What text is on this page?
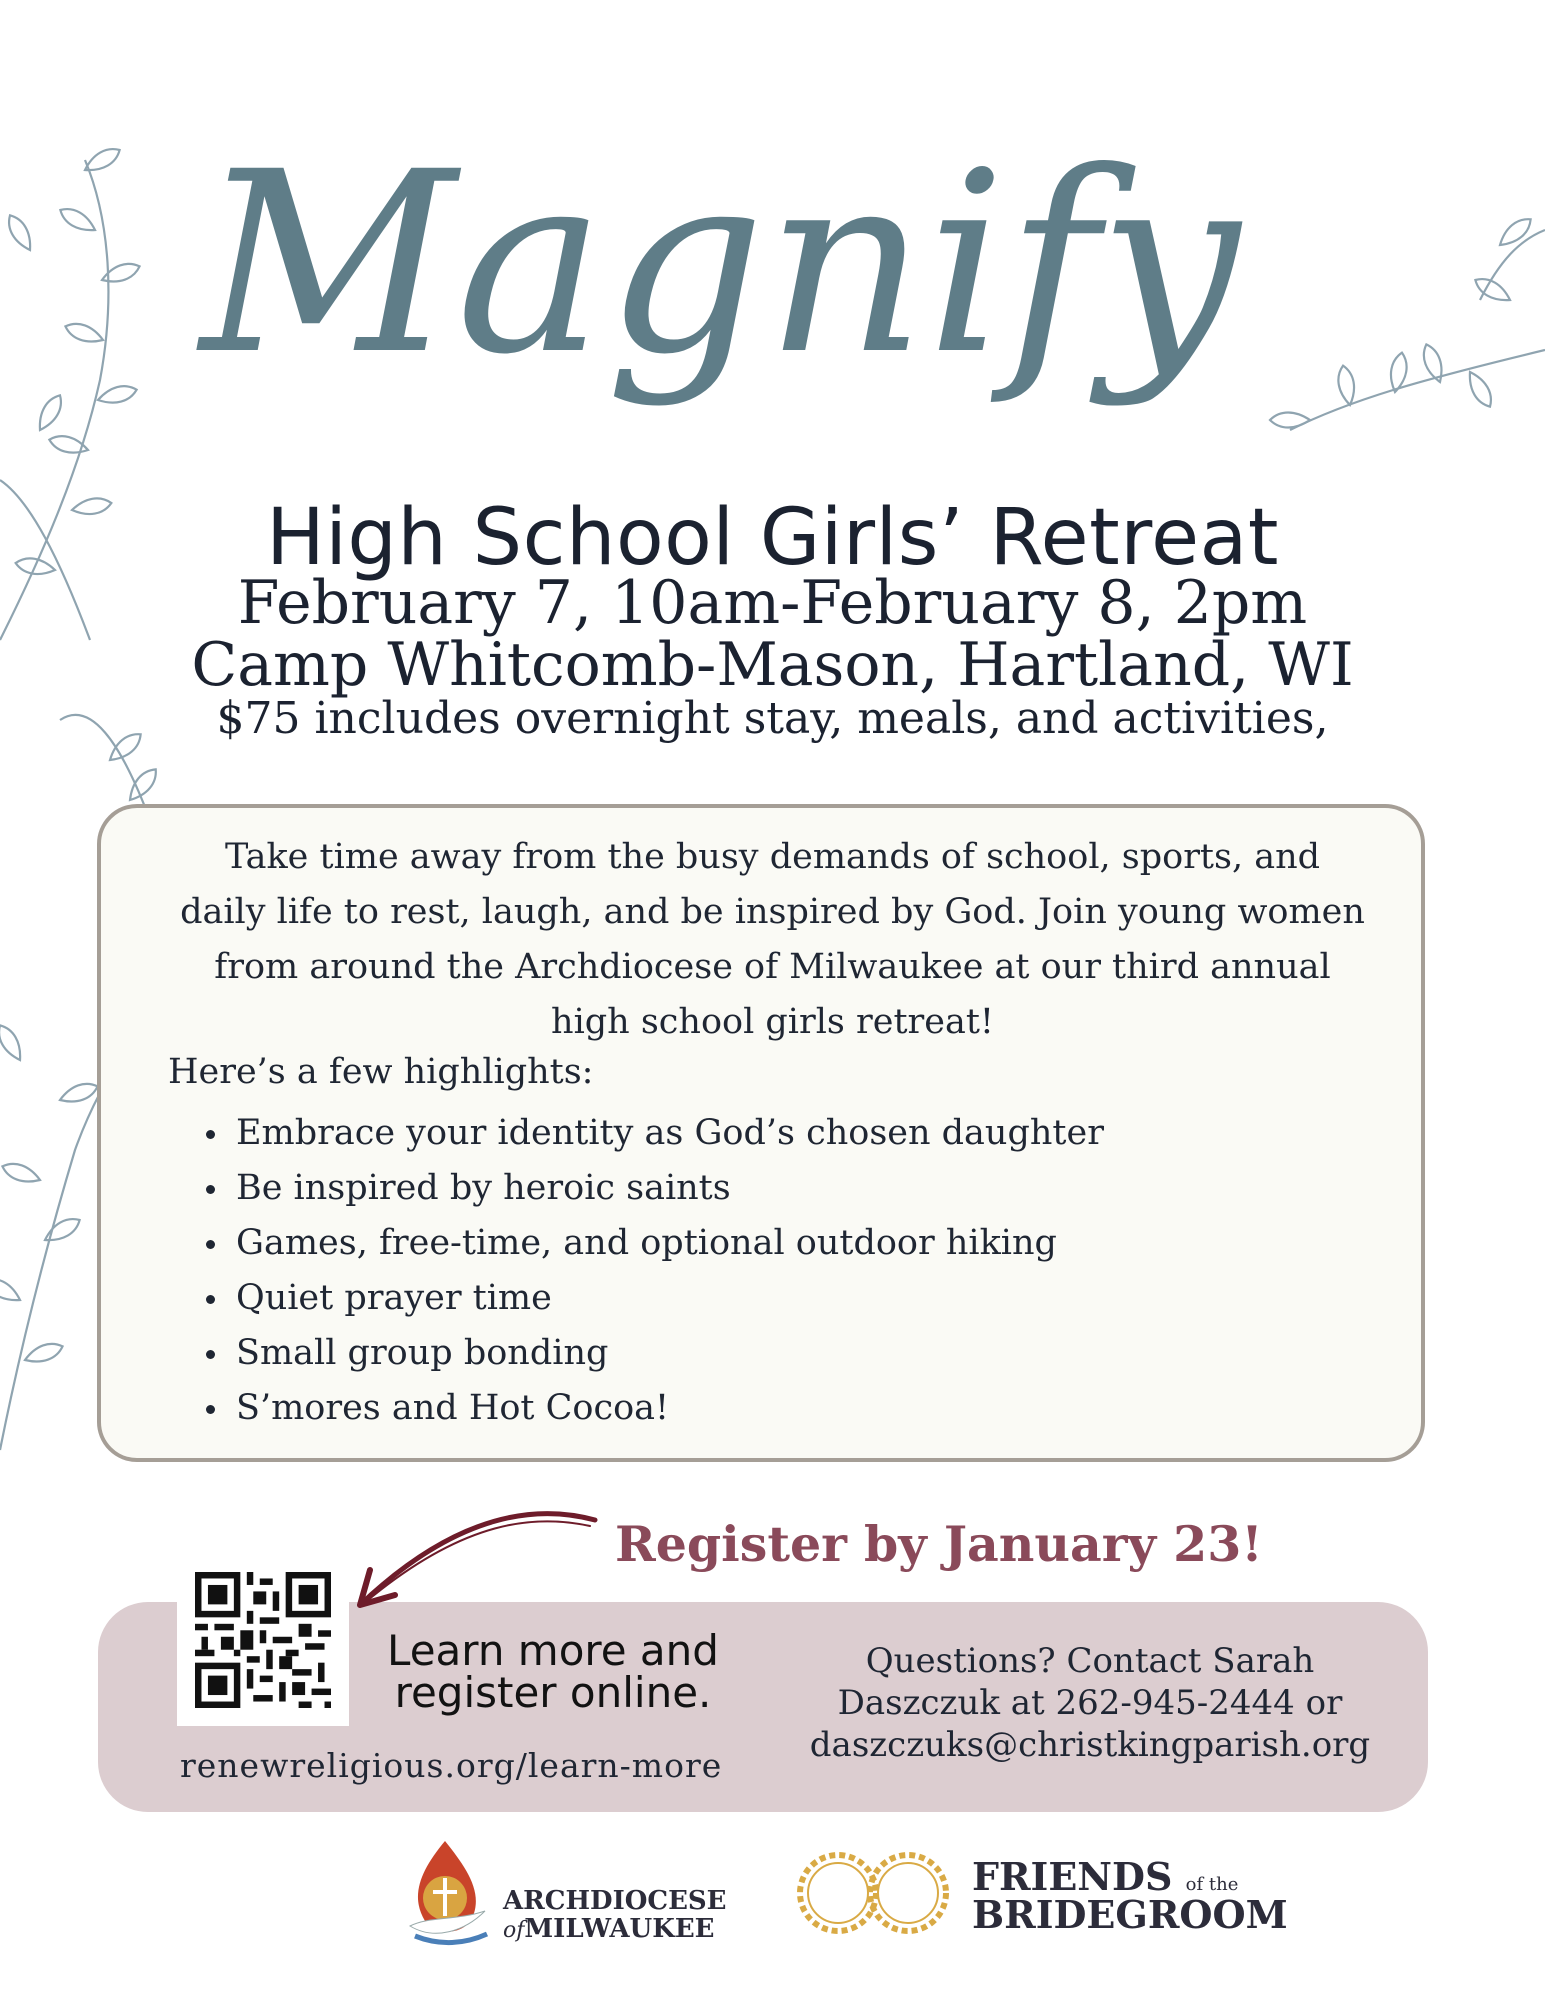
Magnify
High School Girls’ Retreat
February 7, 10am-February 8, 2pm
Camp Whitcomb-Mason, Hartland, WI
$75 includes overnight stay, meals, and activities,
Take time away from the busy demands of school, sports, and
daily life to rest, laugh, and be inspired by God. Join young women
from around the Archdiocese of Milwaukee at our third annual
high school girls retreat!
Here’s a few highlights:
Embrace your identity as God’s chosen daughter
Be inspired by heroic saints
Games, free-time, and optional outdoor hiking
Quiet prayer time
Small group bonding
S’mores and Hot Cocoa!
Register by January 23!
Learn more and
register online.
renewreligious.org/learn-more
Questions? Contact Sarah
Daszczuk at 262-945-2444 or
daszczuks@christkingparish.org
ARCHDIOCESE
ofMILWAUKEE
FRIENDS of the
BRIDEGROOM
